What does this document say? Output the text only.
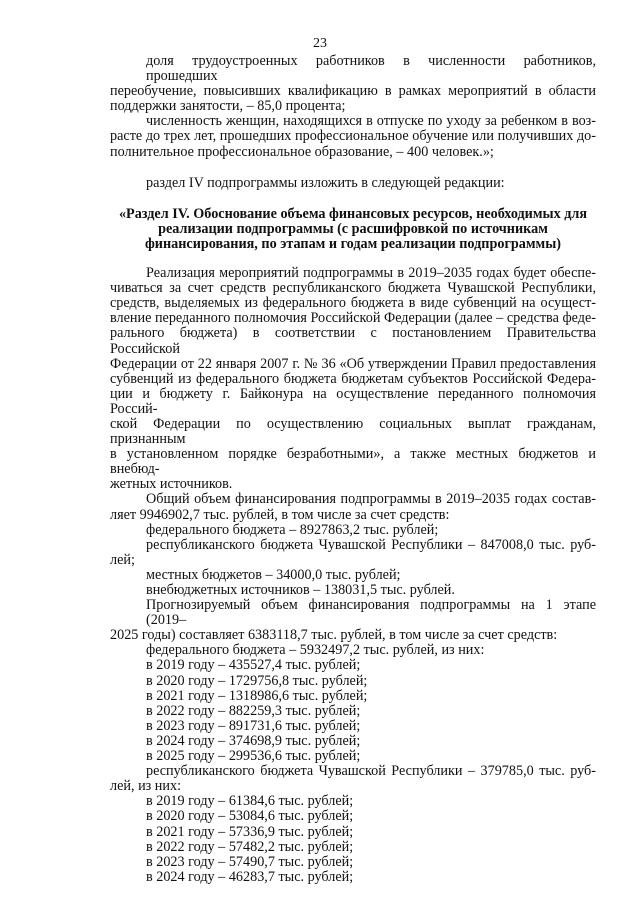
23
доля трудоустроенных работников в численности работников, прошедших
переобучение, повысивших квалификацию в рамках мероприятий в области
поддержки занятости, – 85,0 процента;
численность женщин, находящихся в отпуске по уходу за ребенком в воз-
расте до трех лет, прошедших профессиональное обучение или получивших до-
полнительное профессиональное образование, – 400 человек.»;
раздел IV подпрограммы изложить в следующей редакции:
«Раздел IV. Обоснование объема финансовых ресурсов, необходимых для
реализации подпрограммы (с расшифровкой по источникам
финансирования, по этапам и годам реализации подпрограммы)
Реализация мероприятий подпрограммы в 2019–2035 годах будет обеспе-
чиваться за счет средств республиканского бюджета Чувашской Республики,
средств, выделяемых из федерального бюджета в виде субвенций на осущест-
вление переданного полномочия Российской Федерации (далее – средства феде-
рального бюджета) в соответствии с постановлением Правительства Российской
Федерации от 22 января 2007 г. № 36 «Об утверждении Правил предоставления
субвенций из федерального бюджета бюджетам субъектов Российской Федера-
ции и бюджету г. Байконура на осуществление переданного полномочия Россий-
ской Федерации по осуществлению социальных выплат гражданам, признанным
в установленном порядке безработными», а также местных бюджетов и внебюд-
жетных источников.
Общий объем финансирования подпрограммы в 2019–2035 годах состав-
ляет 9946902,7 тыс. рублей, в том числе за счет средств:
федерального бюджета – 8927863,2 тыс. рублей;
республиканского бюджета Чувашской Республики – 847008,0 тыс. руб-
лей;
местных бюджетов – 34000,0 тыс. рублей;
внебюджетных источников – 138031,5 тыс. рублей.
Прогнозируемый объем финансирования подпрограммы на 1 этапе (2019–
2025 годы) составляет 6383118,7 тыс. рублей, в том числе за счет средств:
федерального бюджета – 5932497,2 тыс. рублей, из них:
в 2019 году – 435527,4 тыс. рублей;
в 2020 году – 1729756,8 тыс. рублей;
в 2021 году – 1318986,6 тыс. рублей;
в 2022 году – 882259,3 тыс. рублей;
в 2023 году – 891731,6 тыс. рублей;
в 2024 году – 374698,9 тыс. рублей;
в 2025 году – 299536,6 тыс. рублей;
республиканского бюджета Чувашской Республики – 379785,0 тыс. руб-
лей, из них:
в 2019 году – 61384,6 тыс. рублей;
в 2020 году – 53084,6 тыс. рублей;
в 2021 году – 57336,9 тыс. рублей;
в 2022 году – 57482,2 тыс. рублей;
в 2023 году – 57490,7 тыс. рублей;
в 2024 году – 46283,7 тыс. рублей;
